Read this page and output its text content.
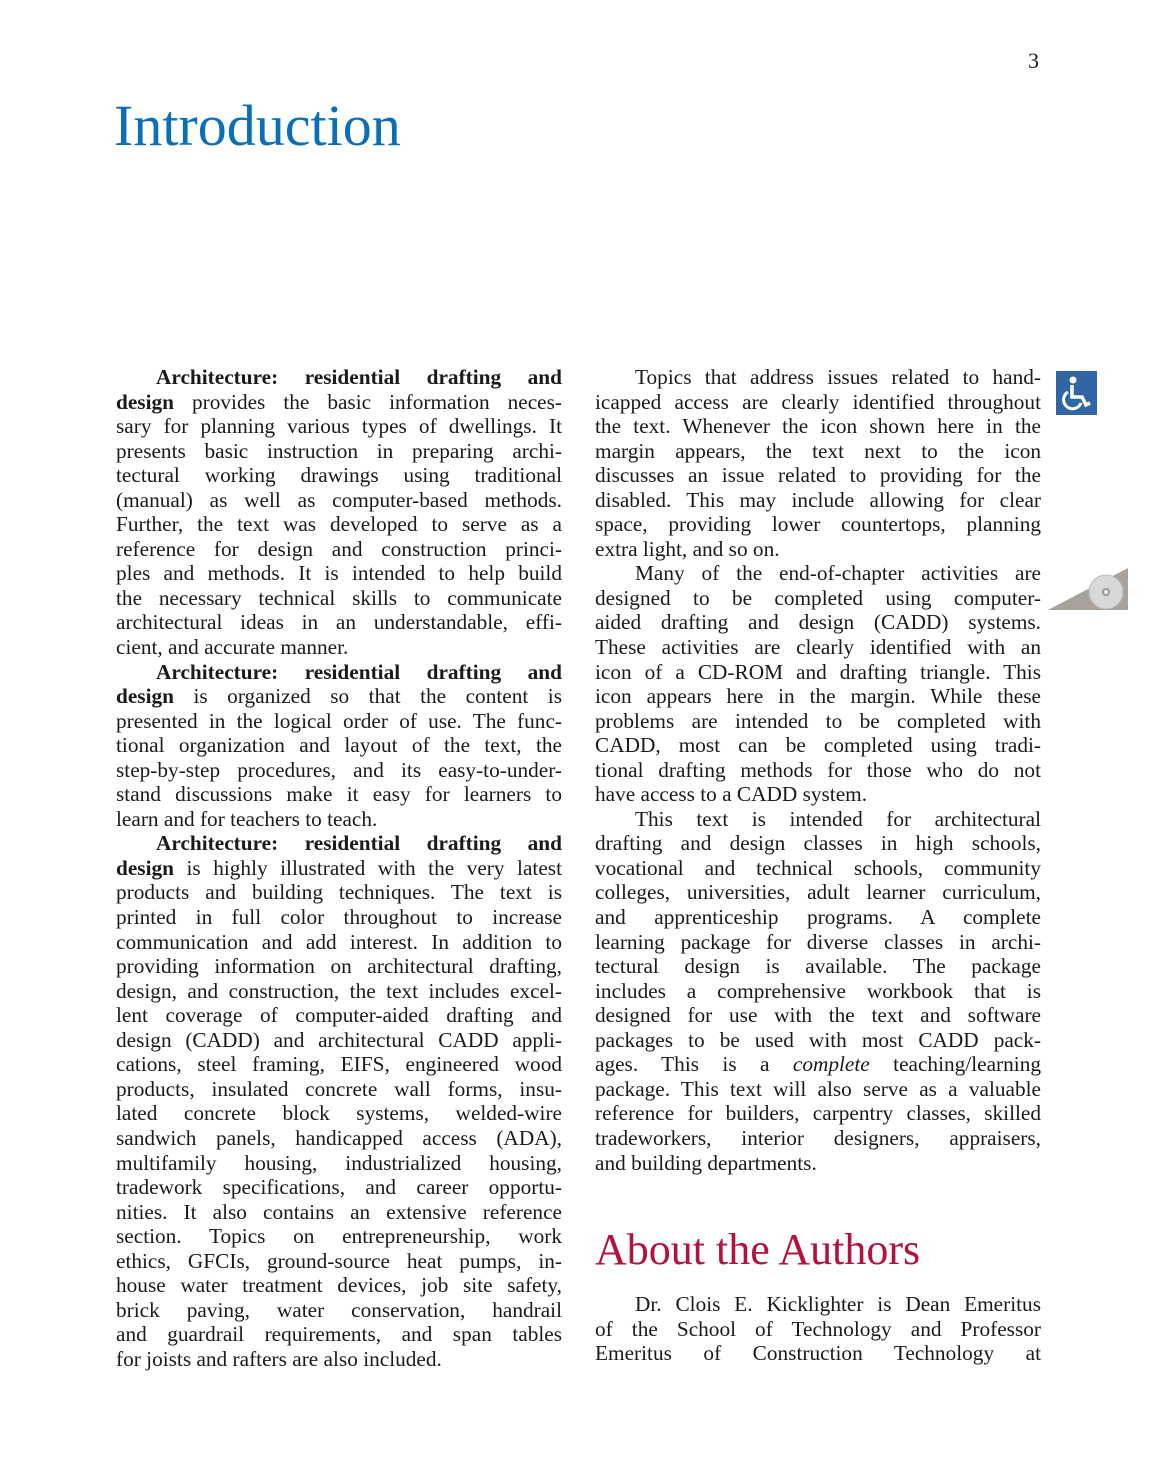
3
Introduction
Architecture: residential drafting and
design provides the basic information neces-
sary for planning various types of dwellings. It
presents basic instruction in preparing archi-
tectural working drawings using traditional
(manual) as well as computer-based methods.
Further, the text was developed to serve as a
reference for design and construction princi-
ples and methods. It is intended to help build
the necessary technical skills to communicate
architectural ideas in an understandable, effi-
cient, and accurate manner.
Architecture: residential drafting and
design is organized so that the content is
presented in the logical order of use. The func-
tional organization and layout of the text, the
step-by-step procedures, and its easy-to-under-
stand discussions make it easy for learners to
learn and for teachers to teach.
Architecture: residential drafting and
design is highly illustrated with the very latest
products and building techniques. The text is
printed in full color throughout to increase
communication and add interest. In addition to
providing information on architectural drafting,
design, and construction, the text includes excel-
lent coverage of computer-aided drafting and
design (CADD) and architectural CADD appli-
cations, steel framing, EIFS, engineered wood
products, insulated concrete wall forms, insu-
lated concrete block systems, welded-wire
sandwich panels, handicapped access (ADA),
multifamily housing, industrialized housing,
tradework specifications, and career opportu-
nities. It also contains an extensive reference
section. Topics on entrepreneurship, work
ethics, GFCIs, ground-source heat pumps, in-
house water treatment devices, job site safety,
brick paving, water conservation, handrail
and guardrail requirements, and span tables
for joists and rafters are also included.
Topics that address issues related to hand-
icapped access are clearly identified throughout
the text. Whenever the icon shown here in the
margin appears, the text next to the icon
discusses an issue related to providing for the
disabled. This may include allowing for clear
space, providing lower countertops, planning
extra light, and so on.
Many of the end-of-chapter activities are
designed to be completed using computer-
aided drafting and design (CADD) systems.
These activities are clearly identified with an
icon of a CD-ROM and drafting triangle. This
icon appears here in the margin. While these
problems are intended to be completed with
CADD, most can be completed using tradi-
tional drafting methods for those who do not
have access to a CADD system.
This text is intended for architectural
drafting and design classes in high schools,
vocational and technical schools, community
colleges, universities, adult learner curriculum,
and apprenticeship programs. A complete
learning package for diverse classes in archi-
tectural design is available. The package
includes a comprehensive workbook that is
designed for use with the text and software
packages to be used with most CADD pack-
ages. This is a complete teaching/learning
package. This text will also serve as a valuable
reference for builders, carpentry classes, skilled
tradeworkers, interior designers, appraisers,
and building departments.
About the Authors
Dr. Clois E. Kicklighter is Dean Emeritus
of the School of Technology and Professor
Emeritus of Construction Technology at
